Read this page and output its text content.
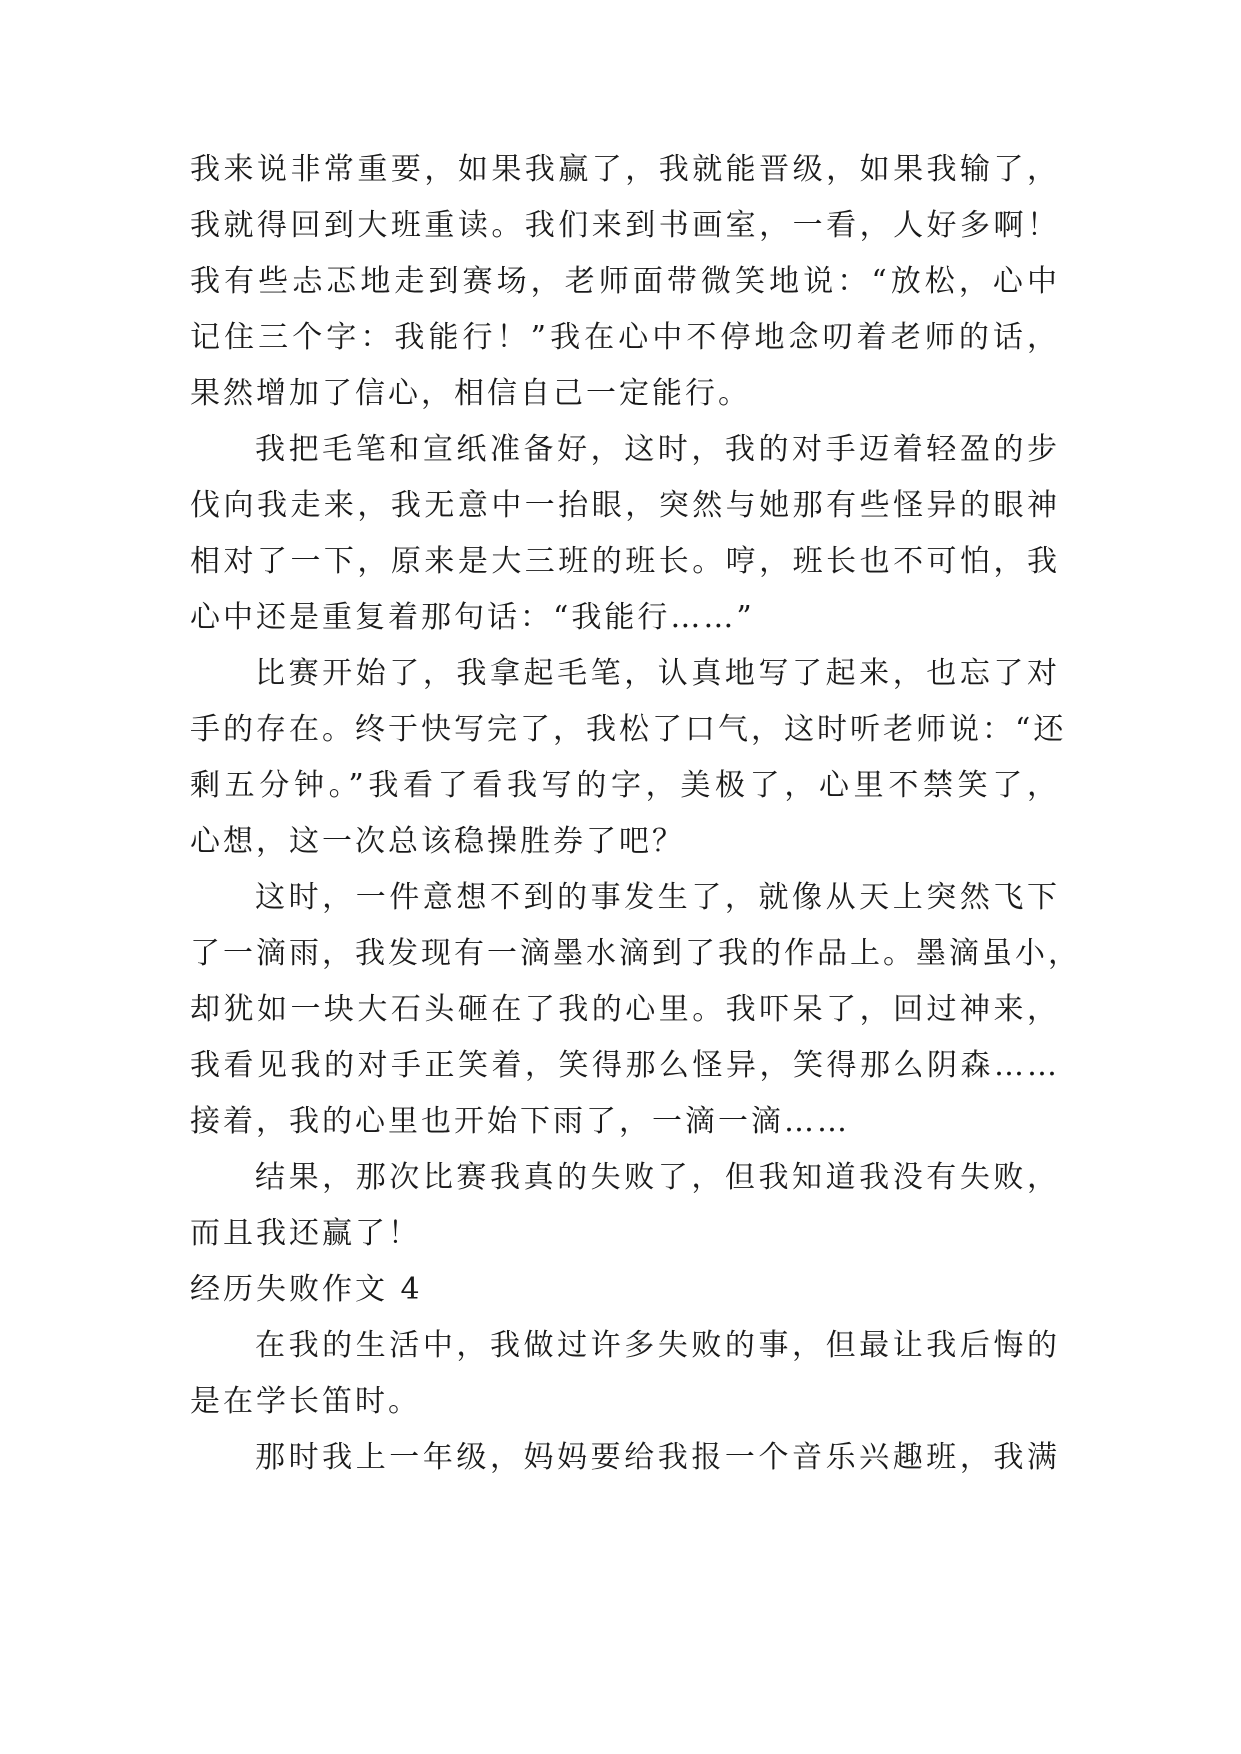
我来说非常重要，如果我赢了，我就能晋级，如果我输了，
我就得回到大班重读。我们来到书画室，一看，人好多啊！
我有些忐忑地走到赛场，老师面带微笑地说：“放松，心中
记住三个字：我能行！”我在心中不停地念叨着老师的话，
果然增加了信心，相信自己一定能行。
我把毛笔和宣纸准备好，这时，我的对手迈着轻盈的步
伐向我走来，我无意中一抬眼，突然与她那有些怪异的眼神
相对了一下，原来是大三班的班长。哼，班长也不可怕，我
心中还是重复着那句话：“我能行……”
比赛开始了，我拿起毛笔，认真地写了起来，也忘了对
手的存在。终于快写完了，我松了口气，这时听老师说：“还
剩五分钟。”我看了看我写的字，美极了，心里不禁笑了，
心想，这一次总该稳操胜券了吧？
这时，一件意想不到的事发生了，就像从天上突然飞下
了一滴雨，我发现有一滴墨水滴到了我的作品上。墨滴虽小，
却犹如一块大石头砸在了我的心里。我吓呆了，回过神来，
我看见我的对手正笑着，笑得那么怪异，笑得那么阴森……
接着，我的心里也开始下雨了，一滴一滴……
结果，那次比赛我真的失败了，但我知道我没有失败，
而且我还赢了！
经历失败作文 4
在我的生活中，我做过许多失败的事，但最让我后悔的
是在学长笛时。
那时我上一年级，妈妈要给我报一个音乐兴趣班，我满
